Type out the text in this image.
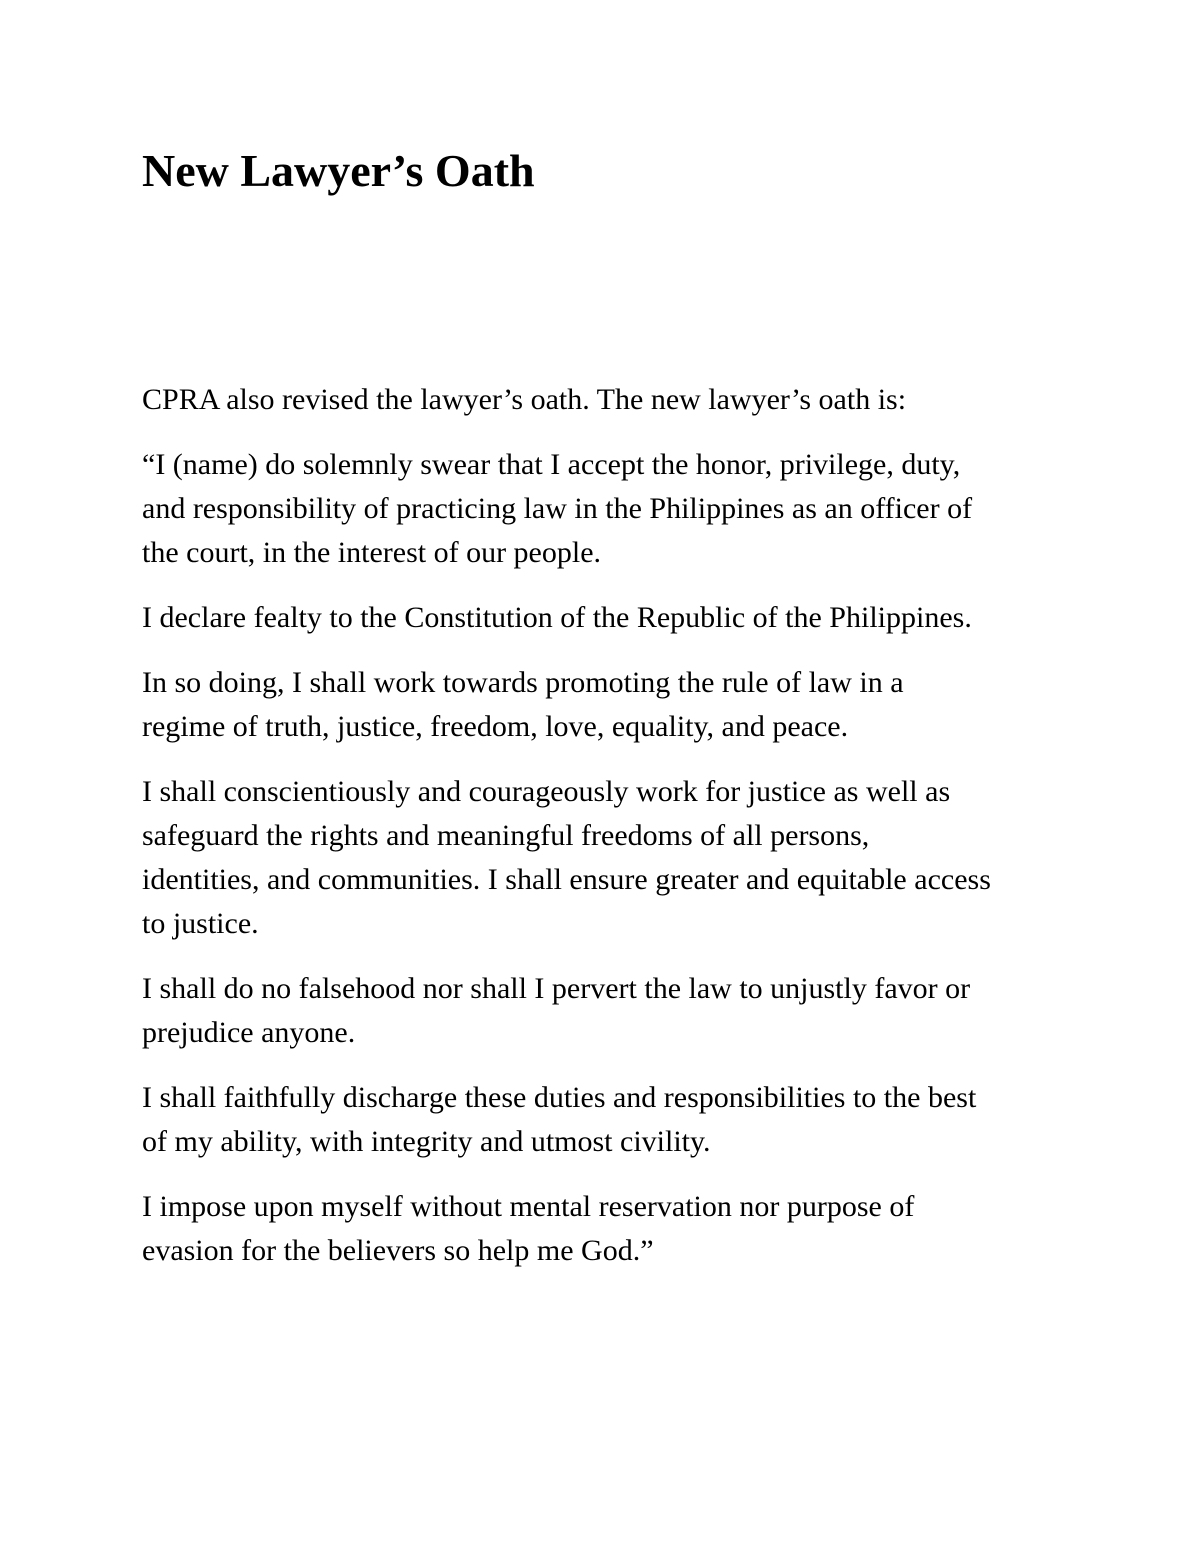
New Lawyer’s Oath

CPRA also revised the lawyer’s oath. The new lawyer’s oath is:

“I (name) do solemnly swear that I accept the honor, privilege, duty,
and responsibility of practicing law in the Philippines as an officer of
the court, in the interest of our people.

I declare fealty to the Constitution of the Republic of the Philippines.

In so doing, I shall work towards promoting the rule of law in a
regime of truth, justice, freedom, love, equality, and peace.

I shall conscientiously and courageously work for justice as well as
safeguard the rights and meaningful freedoms of all persons,
identities, and communities. I shall ensure greater and equitable access
to justice.

I shall do no falsehood nor shall I pervert the law to unjustly favor or
prejudice anyone.

I shall faithfully discharge these duties and responsibilities to the best
of my ability, with integrity and utmost civility.

I impose upon myself without mental reservation nor purpose of
evasion for the believers so help me God.”
